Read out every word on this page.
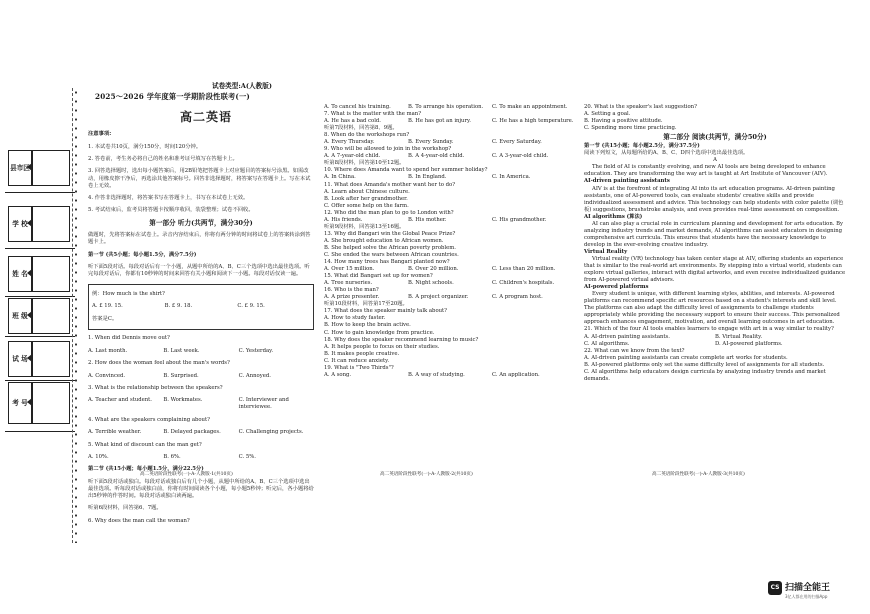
县市区
学 校
姓 名
班 级
试 场
考 号
试卷类型:A(人教版)
2025～2026 学年度第一学期阶段性联考(一)
高二英语

注意事项:

1. 本试卷共10页，满分150分，时间120分钟。

2. 答卷前，考生务必将自己的姓名和准考证号填写在答题卡上。

3. 回答选择题时，选出每小题答案后，用2B铅笔把答题卡上对应题目的答案标号涂黑。如需改动，用橡皮擦干净后，再选涂其他答案标号。回答非选择题时，将答案写在答题卡上。写在本试卷上无效。

4. 作答非选择题时，将答案书写在答题卡上，书写在本试卷上无效。

5. 考试结束后，监考员将答题卡按顺序收回，装袋整理；试卷不回收。

第一部分 听力(共两节，满分30分)

做题时，先将答案标在试卷上。录音内容结束后，你将有两分钟的时间将试卷上的答案转涂到答题卡上。

第一节 (共5小题；每小题1.5分，满分7.5分)

听下面5段对话。每段对话后有一个小题，从题中所给的A、B、C三个选项中选出最佳选项。听完每段对话后，你都有10秒钟的时间来回答有关小题和阅读下一小题。每段对话仅读一遍。

例：How much is the shirt?

A. £ 19. 15.	B. £ 9. 18.	C. £ 9. 15.

答案是C。

1. When did Dennis move out?

A. Last month.	B. Last week.	C. Yesterday.

2. How does the woman feel about the man's words?

A. Convinced.	B. Surprised.	C. Annoyed.

3. What is the relationship between the speakers?

A. Teacher and student.	B. Workmates.	C. Interviewer and interviewee.

4. What are the speakers complaining about?

A. Terrible weather.	B. Delayed packages.	C. Challenging projects.

5. What kind of discount can the man get?

A. 10%.	B. 6%.	C. 5%.

第二节 (共15小题；每小题1.5分，满分22.5分)

听下面5段对话或独白。每段对话或独白后有几个小题，从题中所给的A、B、C三个选项中选出最佳选项。听每段对话或独白前，你将有时间阅读各个小题，每小题5秒钟；听完后，各小题将给出5秒钟的作答时间。每段对话或独白读两遍。

听第6段材料，回答第6、7题。

6. Why does the man call the woman?

高二英语阶段性联考(一)-A-人教版-1(共10页)

A. To cancel his training.	B. To arrange his operation.	C. To make an appointment.

7. What is the matter with the man?

A. He has a bad cold.	B. He has got an injury.	C. He has a high temperature.

听第7段材料，回答第8、9题。

8. When do the workshops run?

A. Every Thursday.	B. Every Sunday.	C. Every Saturday.

9. Who will be allowed to join in the workshop?

A. A 7-year-old child.	B. A 4-year-old child.	C. A 3-year-old child.

听第8段材料，回答第10至12题。

10. Where does Amanda want to spend her summer holiday?

A. In China.	B. In England.	C. In America.

11. What does Amanda's mother want her to do?

A. Learn about Chinese culture.

B. Look after her grandmother.

C. Offer some help on the farm.

12. Who did the man plan to go to London with?

A. His friends.	B. His mother.	C. His grandmother.

听第9段材料，回答第13至16题。

13. Why did Bangari win the Global Peace Prize?

A. She brought education to African women.

B. She helped solve the African poverty problem.

C. She ended the wars between African countries.

14. How many trees has Bangari planted now?

A. Over 15 million.	B. Over 20 million.	C. Less than 20 million.

15. What did Bangari set up for women?

A. Tree nurseries.	B. Night schools.	C. Children's hospitals.

16. Who is the man?

A. A prize presenter.	B. A project organizer.	C. A program host.

听第10段材料，回答第17至20题。

17. What does the speaker mainly talk about?

A. How to study faster.

B. How to keep the brain active.

C. How to gain knowledge from practice.

18. Why does the speaker recommend learning to music?

A. It helps people to focus on their studies.

B. It makes people creative.

C. It can reduce anxiety.

19. What is "Two Thirds"?

A. A song.	B. A way of studying.	C. An application.

高二英语阶段性联考(一)-A-人教版-2(共10页)

20. What is the speaker's last suggestion?

A. Setting a goal.

B. Having a positive attitude.

C. Spending more time practicing.

第二部分 阅读(共两节，满分50分)

第一节 (共15小题；每小题2.5分，满分37.5分)

阅读下列短文，从每题所给的A、B、C、D四个选项中选出最佳选项。

A

The field of AI is constantly evolving, and new AI tools are being developed to enhance education. They are transforming the way art is taught at Art Institute of Vancouver (AIV).

AI-driven painting assistants

AIV is at the forefront of integrating AI into its art education programs. AI-driven painting assistants, one of AI-powered tools, can evaluate students' creative skills and provide individualized assessment and advice. This technology can help students with color palette (调色板) suggestions, brushstroke analysis, and even provides real-time assessment on composition.

AI algorithms (算法)

AI can also play a crucial role in curriculum planning and development for arts education. By analyzing industry trends and market demands, AI algorithms can assist educators in designing comprehensive art curricula. This ensures that students have the necessary knowledge to develop in the ever-evolving creative industry.

Virtual Reality

Virtual reality (VR) technology has taken center stage at AIV, offering students an experience that is similar to the real-world art environments. By stepping into a virtual world, students can explore virtual galleries, interact with digital artworks, and even receive individualized guidance from AI-powered virtual advisors.

AI-powered platforms

Every student is unique, with different learning styles, abilities, and interests. AI-powered platforms can recommend specific art resources based on a student's interests and skill level. The platforms can also adapt the difficulty level of assignments to challenge students appropriately while providing the necessary support to ensure their success. This personalized approach enhances engagement, motivation, and overall learning outcomes in art education.

21. Which of the four AI tools enables learners to engage with art in a way similar to reality?

A. AI-driven painting assistants.	B. Virtual Reality.

C. AI algorithms.	D. AI-powered platforms.

22. What can we know from the text?

A. AI-driven painting assistants can create complete art works for students.

B. AI-powered platforms only set the same difficulty level of assignments for all students.

C. AI algorithms help educators design curricula by analyzing industry trends and market demands.

高二英语阶段性联考(一)-A-人教版-3(共10页)
CS 扫描全能王
3亿人都在用的扫描App
